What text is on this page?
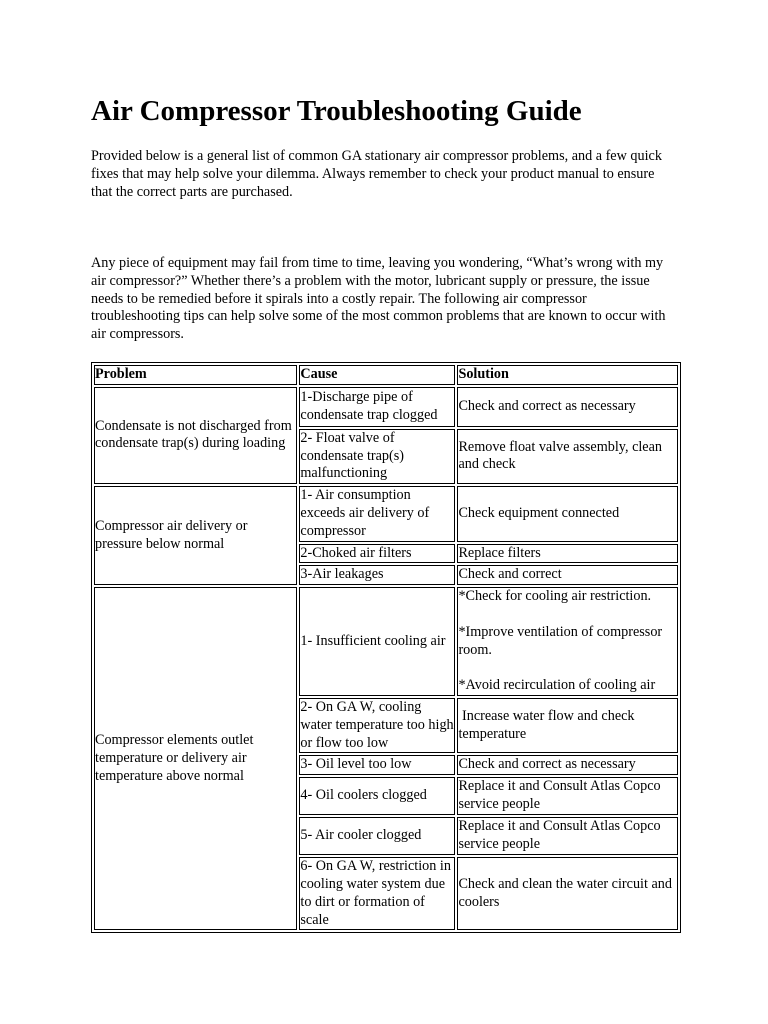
Air Compressor Troubleshooting Guide

Provided below is a general list of common GA stationary air compressor problems, and a few quick fixes that may help solve your dilemma. Always remember to check your product manual to ensure that the correct parts are purchased.

Any piece of equipment may fail from time to time, leaving you wondering, “What’s wrong with my air compressor?” Whether there’s a problem with the motor, lubricant supply or pressure, the issue needs to be remedied before it spirals into a costly repair. The following air compressor troubleshooting tips can help solve some of the most common problems that are known to occur with air compressors.

Problem	Cause	Solution
Condensate is not discharged from condensate trap(s) during loading	1-Discharge pipe of condensate trap clogged	Check and correct as necessary
	2- Float valve of condensate trap(s) malfunctioning	Remove float valve assembly, clean and check
Compressor air delivery or pressure below normal	1- Air consumption exceeds air delivery of compressor	Check equipment connected
	2-Choked air filters	Replace filters
	3-Air leakages	Check and correct
Compressor elements outlet temperature or delivery air temperature above normal	1- Insufficient cooling air	*Check for cooling air restriction.
*Improve ventilation of compressor room.
*Avoid recirculation of cooling air

	2- On GA W, cooling water temperature too high or flow too low	Increase water flow and check temperature
	3- Oil level too low	Check and correct as necessary
	4- Oil coolers clogged	Replace it and Consult Atlas Copco service people
	5- Air cooler clogged	Replace it and Consult Atlas Copco service people
	6- On GA W, restriction in cooling water system due to dirt or formation of scale	Check and clean the water circuit and coolers
